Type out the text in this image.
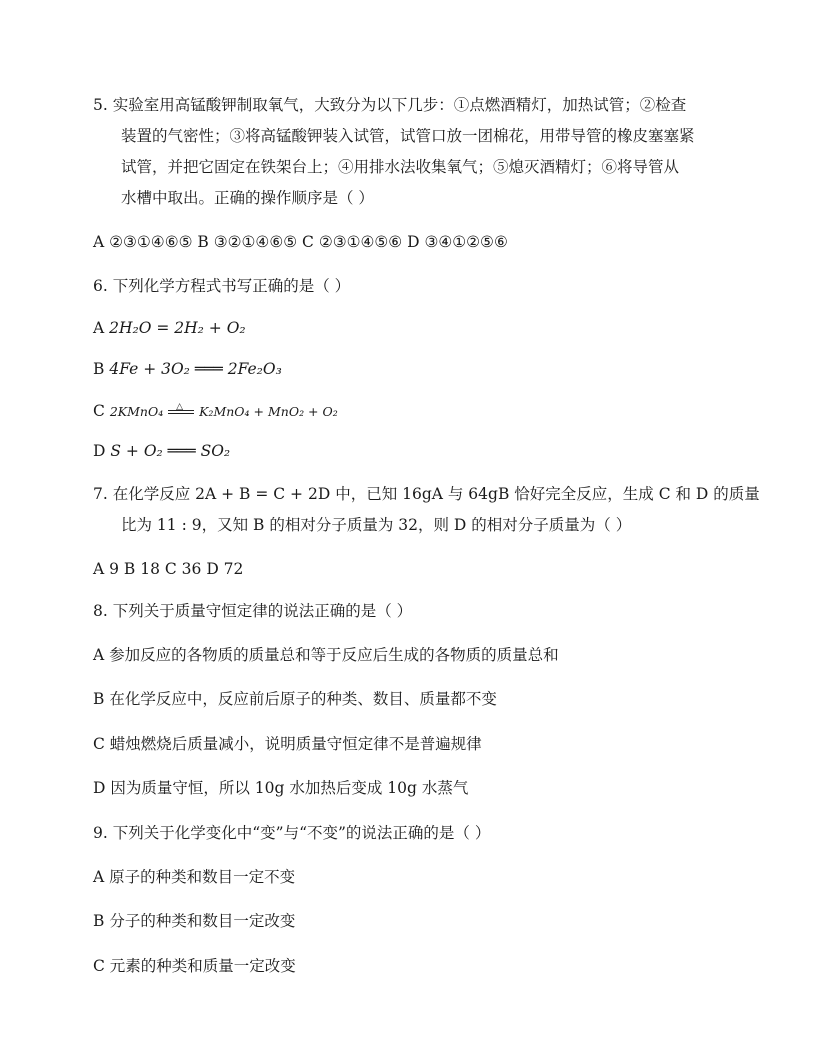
5. 实验室用高锰酸钾制取氧气，大致分为以下几步：①点燃酒精灯，加热试管；②检查
装置的气密性；③将高锰酸钾装入试管，试管口放一团棉花，用带导管的橡皮塞塞紧
试管，并把它固定在铁架台上；④用排水法收集氧气；⑤熄灭酒精灯；⑥将导管从
水槽中取出。正确的操作顺序是（ ）
A ②③①④⑥⑤ B ③②①④⑥⑤ C ②③①④⑤⑥ D ③④①②⑤⑥
6. 下列化学方程式书写正确的是（ ）
A 2H₂O = 2H₂ + O₂
B 4Fe + 3O₂ ═══ 2Fe₂O₃
C 2KMnO₄ △ K₂MnO₄ + MnO₂ + O₂
D S + O₂ ═══ SO₂
7. 在化学反应 2A + B = C + 2D 中，已知 16gA 与 64gB 恰好完全反应，生成 C 和 D 的质量
比为 11 : 9，又知 B 的相对分子质量为 32，则 D 的相对分子质量为（ ）
A 9 B 18 C 36 D 72
8. 下列关于质量守恒定律的说法正确的是（ ）
A 参加反应的各物质的质量总和等于反应后生成的各物质的质量总和
B 在化学反应中，反应前后原子的种类、数目、质量都不变
C 蜡烛燃烧后质量减小，说明质量守恒定律不是普遍规律
D 因为质量守恒，所以 10g 水加热后变成 10g 水蒸气
9. 下列关于化学变化中“变”与“不变”的说法正确的是（ ）
A 原子的种类和数目一定不变
B 分子的种类和数目一定改变
C 元素的种类和质量一定改变
